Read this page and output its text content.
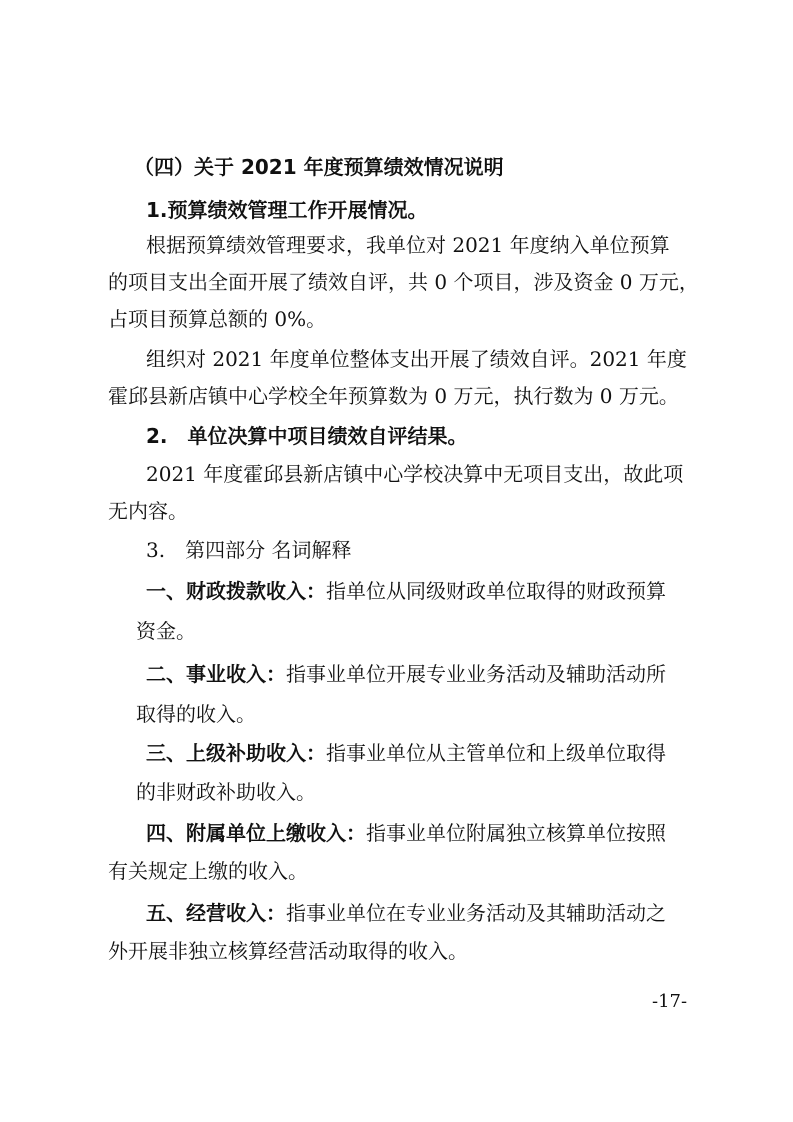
（四）关于 2021 年度预算绩效情况说明
1.预算绩效管理工作开展情况。
根据预算绩效管理要求，我单位对 2021 年度纳入单位预算
的项目支出全面开展了绩效自评，共 0 个项目，涉及资金 0 万元，
占项目预算总额的 0%。
组织对 2021 年度单位整体支出开展了绩效自评。2021 年度
霍邱县新店镇中心学校全年预算数为 0 万元，执行数为 0 万元。
2.　单位决算中项目绩效自评结果。
2021 年度霍邱县新店镇中心学校决算中无项目支出，故此项
无内容。
3.　第四部分 名词解释
一、财政拨款收入：指单位从同级财政单位取得的财政预算
资金。
二、事业收入：指事业单位开展专业业务活动及辅助活动所
取得的收入。
三、上级补助收入：指事业单位从主管单位和上级单位取得
的非财政补助收入。
四、附属单位上缴收入：指事业单位附属独立核算单位按照
有关规定上缴的收入。
五、经营收入：指事业单位在专业业务活动及其辅助活动之
外开展非独立核算经营活动取得的收入。
-17-
